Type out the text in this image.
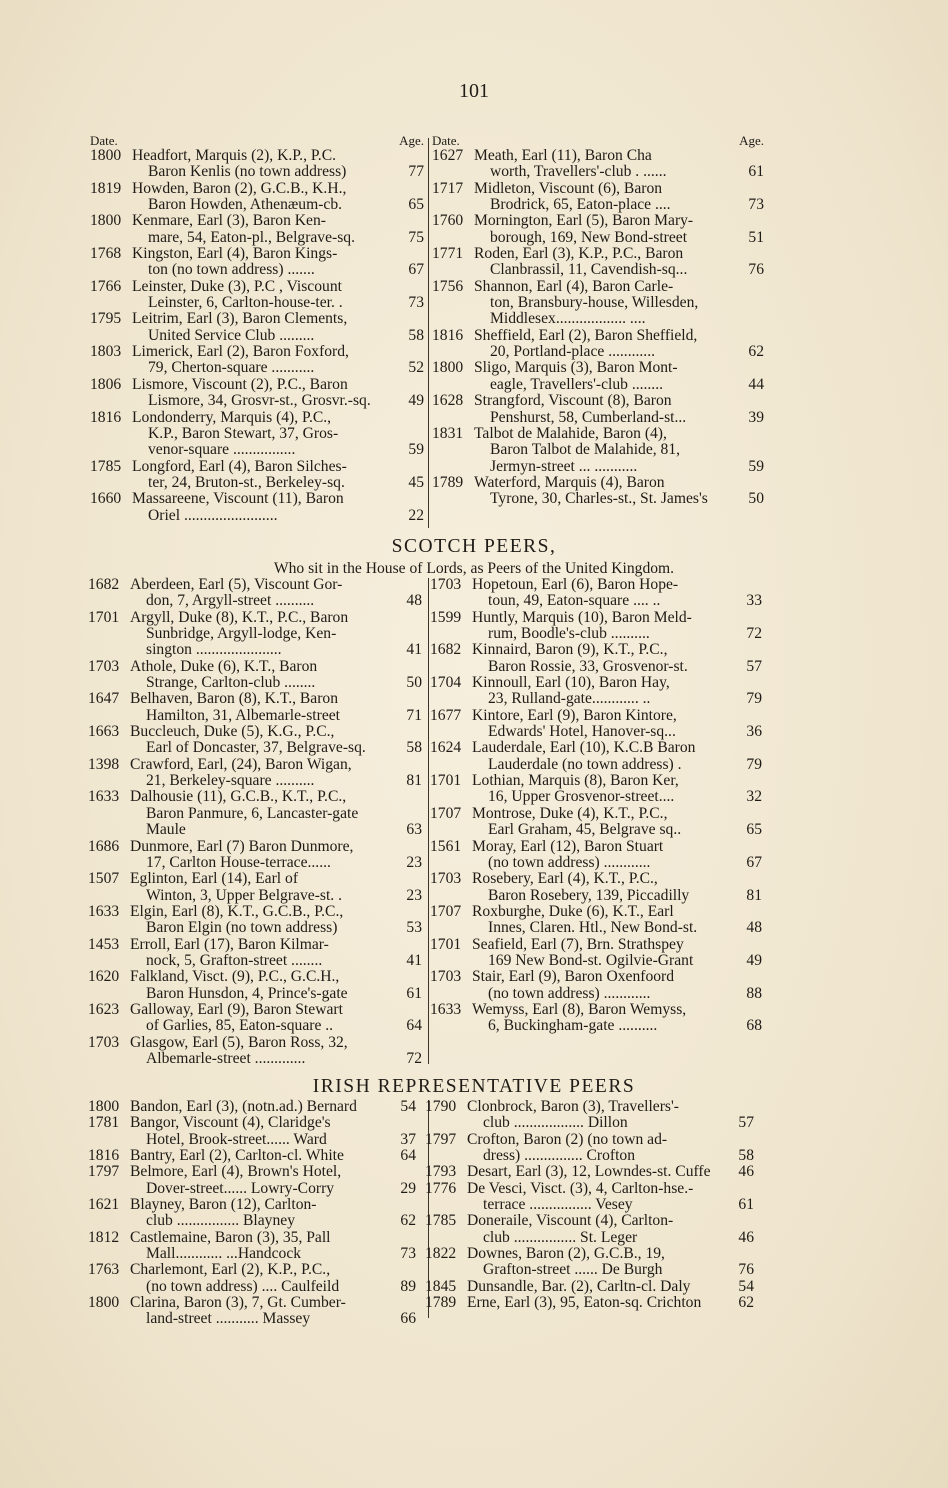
101
Date.	Age.
1800 Headfort, Marquis (2), K.P., P.C.
Baron Kenlis (no town address)	77
1819 Howden, Baron (2), G.C.B., K.H.,
Baron Howden, Athenæum-cb.	65
1800 Kenmare, Earl (3), Baron Ken-
mare, 54, Eaton-pl., Belgrave-sq.	75
1768 Kingston, Earl (4), Baron Kings-
ton (no town address) .......	67
1766 Leinster, Duke (3), P.C , Viscount
Leinster, 6, Carlton-house-ter. .	73
1795 Leitrim, Earl (3), Baron Clements,
United Service Club .........	58
1803 Limerick, Earl (2), Baron Foxford,
79, Cherton-square ...........	52
1806 Lismore, Viscount (2), P.C., Baron
Lismore, 34, Grosvr-st., Grosvr.-sq.	49
1816 Londonderry, Marquis (4), P.C.,
K.P., Baron Stewart, 37, Gros-
venor-square ................	59
1785 Longford, Earl (4), Baron Silches-
ter, 24, Bruton-st., Berkeley-sq.	45
1660 Massareene, Viscount (11), Baron
Oriel ........................	22
Date.	Age.
1627 Meath, Earl (11), Baron Cha
worth, Travellers'-club . ......	61
1717 Midleton, Viscount (6), Baron
Brodrick, 65, Eaton-place ....	73
1760 Mornington, Earl (5), Baron Mary-
borough, 169, New Bond-street	51
1771 Roden, Earl (3), K.P., P.C., Baron
Clanbrassil, 11, Cavendish-sq...	76
1756 Shannon, Earl (4), Baron Carle-
ton, Bransbury-house, Willesden,
Middlesex.................. ....
1816 Sheffield, Earl (2), Baron Sheffield,
20, Portland-place ............	62
1800 Sligo, Marquis (3), Baron Mont-
eagle, Travellers'-club ........	44
1628 Strangford, Viscount (8), Baron
Penshurst, 58, Cumberland-st...	39
1831 Talbot de Malahide, Baron (4),
Baron Talbot de Malahide, 81,
Jermyn-street ... ...........	59
1789 Waterford, Marquis (4), Baron
Tyrone, 30, Charles-st., St. James's	50
SCOTCH PEERS,
Who sit in the House of Lords, as Peers of the United Kingdom.
1682 Aberdeen, Earl (5), Viscount Gor-
don, 7, Argyll-street ..........	48
1701 Argyll, Duke (8), K.T., P.C., Baron
Sunbridge, Argyll-lodge, Ken-
sington ......................	41
1703 Athole, Duke (6), K.T., Baron
Strange, Carlton-club ........	50
1647 Belhaven, Baron (8), K.T., Baron
Hamilton, 31, Albemarle-street	71
1663 Buccleuch, Duke (5), K.G., P.C.,
Earl of Doncaster, 37, Belgrave-sq.	58
1398 Crawford, Earl, (24), Baron Wigan,
21, Berkeley-square ..........	81
1633 Dalhousie (11), G.C.B., K.T., P.C.,
Baron Panmure, 6, Lancaster-gate
Maule	63
1686 Dunmore, Earl (7) Baron Dunmore,
17, Carlton House-terrace......	23
1507 Eglinton, Earl (14), Earl of
Winton, 3, Upper Belgrave-st. .	23
1633 Elgin, Earl (8), K.T., G.C.B., P.C.,
Baron Elgin (no town address)	53
1453 Erroll, Earl (17), Baron Kilmar-
nock, 5, Grafton-street ........	41
1620 Falkland, Visct. (9), P.C., G.C.H.,
Baron Hunsdon, 4, Prince's-gate	61
1623 Galloway, Earl (9), Baron Stewart
of Garlies, 85, Eaton-square ..	64
1703 Glasgow, Earl (5), Baron Ross, 32,
Albemarle-street .............	72
1703 Hopetoun, Earl (6), Baron Hope-
toun, 49, Eaton-square .... ..	33
1599 Huntly, Marquis (10), Baron Meld-
rum, Boodle's-club ..........	72
1682 Kinnaird, Baron (9), K.T., P.C.,
Baron Rossie, 33, Grosvenor-st.	57
1704 Kinnoull, Earl (10), Baron Hay,
23, Rulland-gate............ ..	79
1677 Kintore, Earl (9), Baron Kintore,
Edwards' Hotel, Hanover-sq...	36
1624 Lauderdale, Earl (10), K.C.B Baron
Lauderdale (no town address) .	79
1701 Lothian, Marquis (8), Baron Ker,
16, Upper Grosvenor-street....	32
1707 Montrose, Duke (4), K.T., P.C.,
Earl Graham, 45, Belgrave sq..	65
1561 Moray, Earl (12), Baron Stuart
(no town address) ............	67
1703 Rosebery, Earl (4), K.T., P.C.,
Baron Rosebery, 139, Piccadilly	81
1707 Roxburghe, Duke (6), K.T., Earl
Innes, Claren. Htl., New Bond-st.	48
1701 Seafield, Earl (7), Brn. Strathspey
169 New Bond-st. Ogilvie-Grant	49
1703 Stair, Earl (9), Baron Oxenfoord
(no town address) ............	88
1633 Wemyss, Earl (8), Baron Wemyss,
6, Buckingham-gate ..........	68
IRISH REPRESENTATIVE PEERS
1800 Bandon, Earl (3), (notn.ad.) Bernard	54
1781 Bangor, Viscount (4), Claridge's
Hotel, Brook-street...... Ward	37
1816 Bantry, Earl (2), Carlton-cl. White	64
1797 Belmore, Earl (4), Brown's Hotel,
Dover-street...... Lowry-Corry	29
1621 Blayney, Baron (12), Carlton-
club ................ Blayney	62
1812 Castlemaine, Baron (3), 35, Pall
Mall............ ...Handcock	73
1763 Charlemont, Earl (2), K.P., P.C.,
(no town address) .... Caulfeild	89
1800 Clarina, Baron (3), 7, Gt. Cumber-
land-street ........... Massey	66
1790 Clonbrock, Baron (3), Travellers'-
club .................. Dillon	57
1797 Crofton, Baron (2) (no town ad-
dress) ............... Crofton	58
1793 Desart, Earl (3), 12, Lowndes-st. Cuffe	46
1776 De Vesci, Visct. (3), 4, Carlton-hse.-
terrace ................ Vesey	61
1785 Doneraile, Viscount (4), Carlton-
club ................ St. Leger	46
1822 Downes, Baron (2), G.C.B., 19,
Grafton-street ...... De Burgh	76
1845 Dunsandle, Bar. (2), Carltn-cl. Daly	54
1789 Erne, Earl (3), 95, Eaton-sq. Crichton	62
